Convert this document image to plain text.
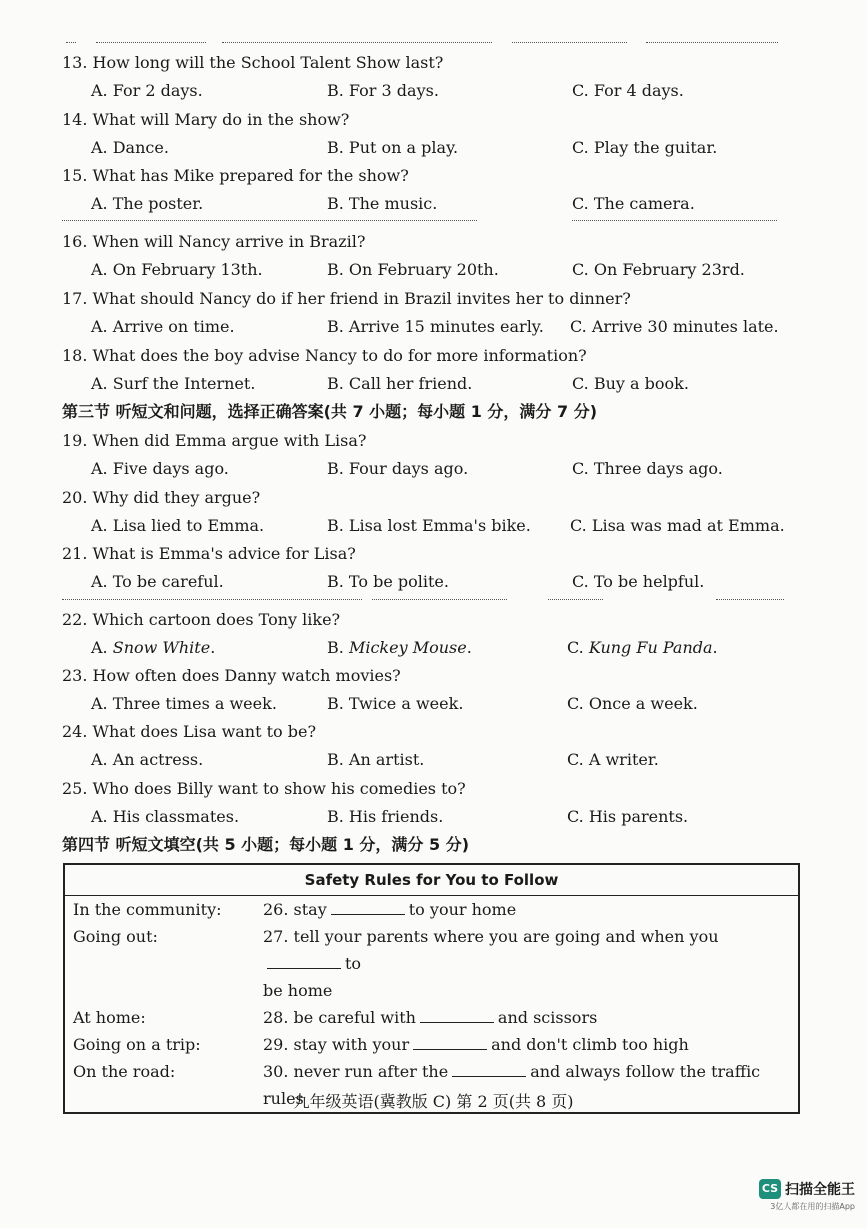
13. How long will the School Talent Show last?
A. For 2 days.	B. For 3 days.	C. For 4 days.
14. What will Mary do in the show?
A. Dance.	B. Put on a play.	C. Play the guitar.
15. What has Mike prepared for the show?
A. The poster.	B. The music.	C. The camera.
16. When will Nancy arrive in Brazil?
A. On February 13th.	B. On February 20th.	C. On February 23rd.
17. What should Nancy do if her friend in Brazil invites her to dinner?
A. Arrive on time.	B. Arrive 15 minutes early. C. Arrive 30 minutes late.
18. What does the boy advise Nancy to do for more information?
A. Surf the Internet.	B. Call her friend.	C. Buy a book.
第三节 听短文和问题，选择正确答案(共 7 小题；每小题 1 分，满分 7 分)
19. When did Emma argue with Lisa?
A. Five days ago.	B. Four days ago.	C. Three days ago.
20. Why did they argue?
A. Lisa lied to Emma.	B. Lisa lost Emma's bike. C. Lisa was mad at Emma.
21. What is Emma's advice for Lisa?
A. To be careful.	B. To be polite.	C. To be helpful.
22. Which cartoon does Tony like?
A. Snow White.	B. Mickey Mouse.	C. Kung Fu Panda.
23. How often does Danny watch movies?
A. Three times a week.	B. Twice a week.	C. Once a week.
24. What does Lisa want to be?
A. An actress.	B. An artist.	C. A writer.
25. Who does Billy want to show his comedies to?
A. His classmates.	B. His friends.	C. His parents.
第四节 听短文填空(共 5 小题；每小题 1 分，满分 5 分)
Safety Rules for You to Follow	
In the community:	26. stay to your home
Going out:	27. tell your parents where you are going and when youto
be home
At home:	28. be careful with and scissors
Going on a trip:	29. stay with your and don't climb too high
On the road:	30. never run after the and always follow the traffic rules
九年级英语(冀教版 C) 第 2 页(共 8 页)
CS 扫描全能王
3亿人都在用的扫描App
